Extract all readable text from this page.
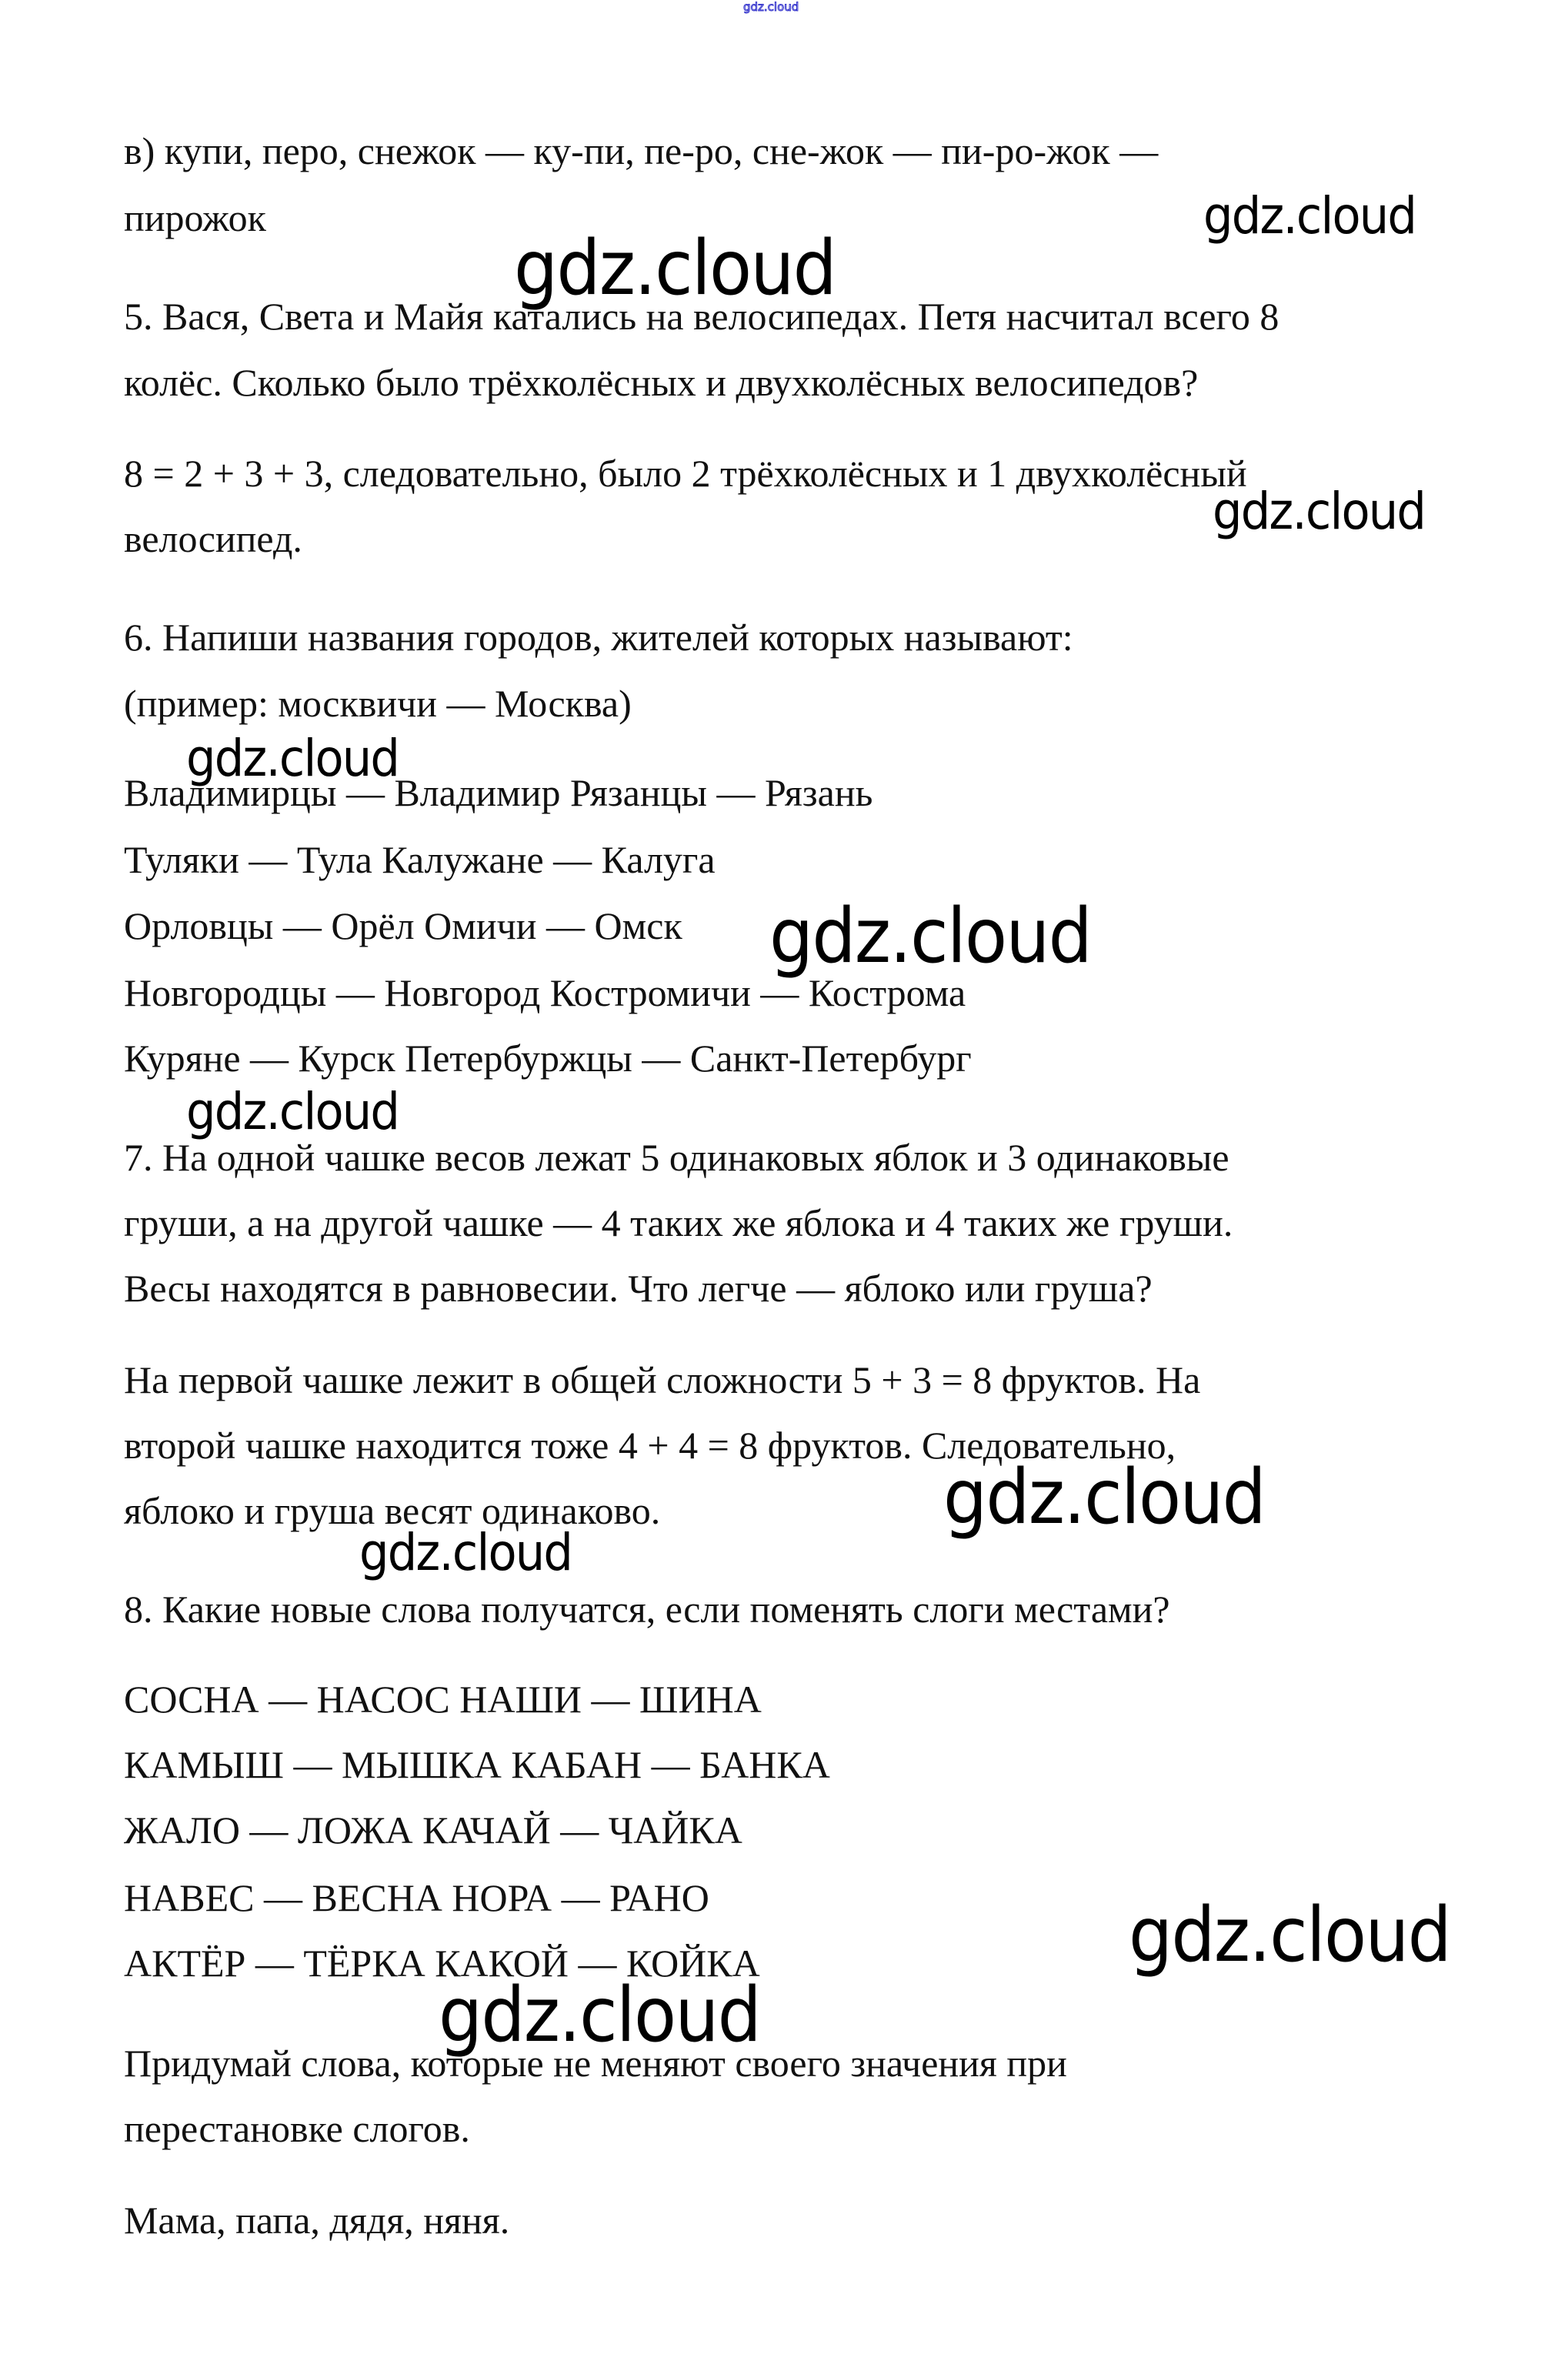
gdz.cloud
в) купи, перо, снежок — ку-пи, пе-ро, сне-жок — пи-ро-жок —
пирожок
5. Вася, Света и Майя катались на велосипедах. Петя насчитал всего 8
колёс. Сколько было трёхколёсных и двухколёсных велосипедов?
8 = 2 + 3 + 3, следовательно, было 2 трёхколёсных и 1 двухколёсный
велосипед.
6. Напиши названия городов, жителей которых называют:
(пример: москвичи — Москва)
Владимирцы — Владимир Рязанцы — Рязань
Туляки — Тула Калужане — Калуга
Орловцы — Орёл Омичи — Омск
Новгородцы — Новгород Костромичи — Кострома
Куряне — Курск Петербуржцы — Санкт-Петербург
7. На одной чашке весов лежат 5 одинаковых яблок и 3 одинаковые
груши, а на другой чашке — 4 таких же яблока и 4 таких же груши.
Весы находятся в равновесии. Что легче — яблоко или груша?
На первой чашке лежит в общей сложности 5 + 3 = 8 фруктов. На
второй чашке находится тоже 4 + 4 = 8 фруктов. Следовательно,
яблоко и груша весят одинаково.
8. Какие новые слова получатся, если поменять слоги местами?
СОСНА — НАСОС НАШИ — ШИНА
КАМЫШ — МЫШКА КАБАН — БАНКА
ЖАЛО — ЛОЖА КАЧАЙ — ЧАЙКА
НАВЕС — ВЕСНА НОРА — РАНО
АКТЁР — ТЁРКА КАКОЙ — КОЙКА
Придумай слова, которые не меняют своего значения при
перестановке слогов.
Мама, папа, дядя, няня.
gdz.cloud
gdz.cloud
gdz.cloud
gdz.cloud
gdz.cloud
gdz.cloud
gdz.cloud
gdz.cloud
gdz.cloud
gdz.cloud
